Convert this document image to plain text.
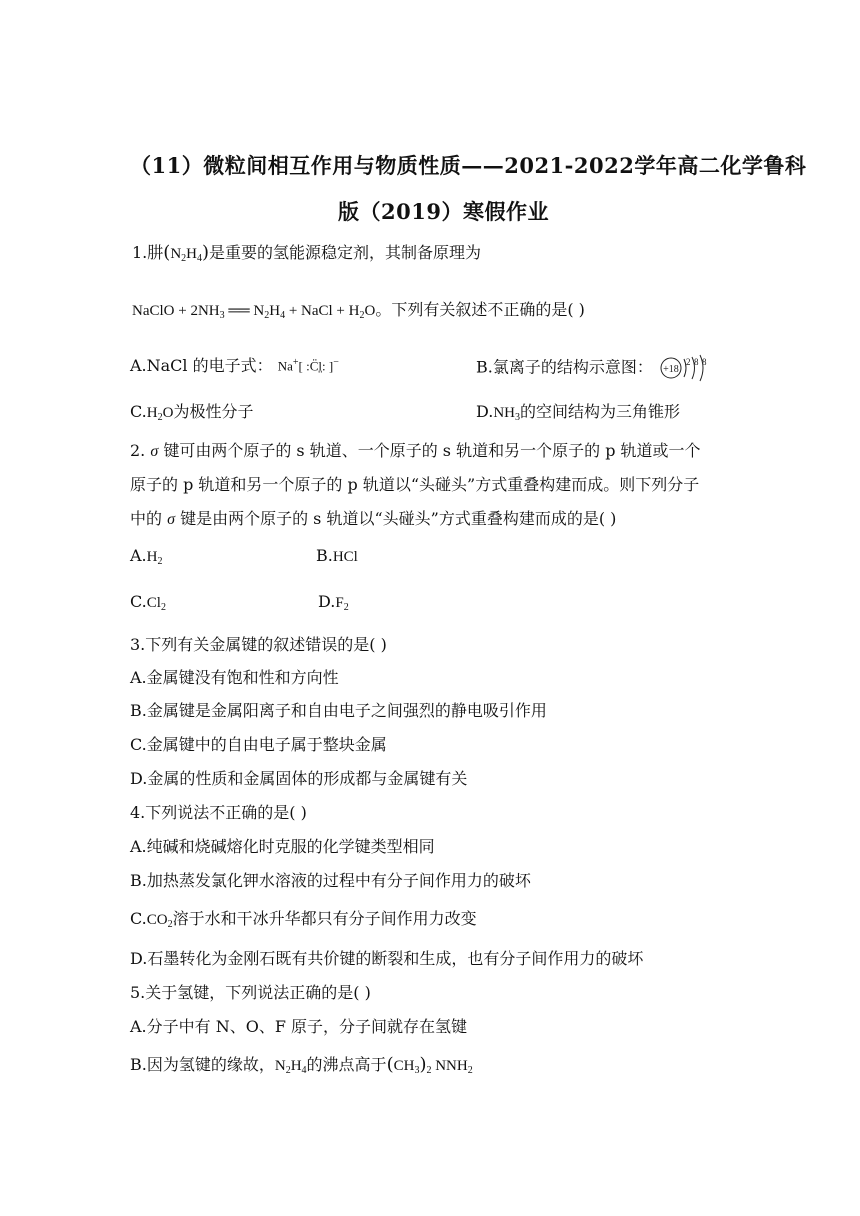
（11）微粒间相互作用与物质性质——2021-2022学年高二化学鲁科
版（2019）寒假作业
1.肼$(N_2H_4)$是重要的氢能源稳定剂，其制备原理为
NaClO + $2NH_3$ ══ $N_2H_4$ + NaCl + $H_2O$。下列有关叙述不正确的是( )
A.NaCl 的电子式： Na+[ :C̈l̤: ]−	B.氯离子的结构示意图： +18
2 8 8
$C.H_2O$为极性分子	$D.NH_3$的空间结构为三角锥形
2. σ 键可由两个原子的 s 轨道、一个原子的 s 轨道和另一个原子的 p 轨道或一个
原子的 p 轨道和另一个原子的 p 轨道以“头碰头”方式重叠构建而成。则下列分子
中的 σ 键是由两个原子的 s 轨道以“头碰头”方式重叠构建而成的是( )
$A.H_2$	B.HCl
$C.Cl_2$	$D.F_2$
3.下列有关金属键的叙述错误的是( )
A.金属键没有饱和性和方向性
B.金属键是金属阳离子和自由电子之间强烈的静电吸引作用
C.金属键中的自由电子属于整块金属
D.金属的性质和金属固体的形成都与金属键有关
4.下列说法不正确的是( )
A.纯碱和烧碱熔化时克服的化学键类型相同
B.加热蒸发氯化钾水溶液的过程中有分子间作用力的破坏
$C.CO_2$溶于水和干冰升华都只有分子间作用力改变
D.石墨转化为金刚石既有共价键的断裂和生成，也有分子间作用力的破坏
5.关于氢键，下列说法正确的是( )
A.分子中有 N、O、F 原子，分子间就存在氢键
B.因为氢键的缘故，$N_2H_4$的沸点高于$(CH_3)_2$ $NNH_2$
